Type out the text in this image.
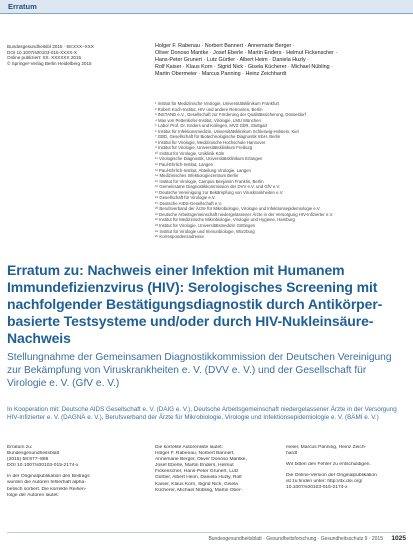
Erratum
Bundesgesundheitsbl 2015 · 58:XXX–XXX
DOI 10.1007/s00103-015-XXXX-X
Online publiziert: XX. XXXXXX 2015
© Springer-Verlag Berlin Heidelberg 2015
Holger F. Rabenau · Norbert Bannert · Annemarie Berger ·
Oliver Donoso Mantke · Josef Eberle · Martin Enders · Helmut Fickenscher ·
Hans-Peter Grunert · Lutz Gürtler · Albert Heim · Daniela Huzly ·
Rolf Kaiser · Klaus Korn · Sigrid Nick · Gisela Kücherer · Michael Nübling ·
Martin Obermeier · Marcus Panning · Heinz Zeichhardt
¹ Institut für Medizinische Virologie, Universitätsklinikum Frankfurt
² Robert Koch-Institut, HIV und andere Retroviren, Berlin
³ INSTAND e.V., Gesellschaft zur Förderung der Qualitätssicherung, Düsseldorf
⁴ Max von Pettenkofer-Institut, Virologie, LMU München
⁵ Labor Prof. Dr. Enders und Kollegen, MVZ GbR, Stuttgart
⁶ Institut für Infektionsmedizin, Universitätsklinikum Schleswig-Holstein, Kiel
⁷ GBD, Gesellschaft für Biotechnologische Diagnostik mbH, Berlin
⁸ Institut für Virologie, Medizinische Hochschule Hannover
⁹ Institut für Virologie, Universitätsklinikum Freiburg
¹⁰ Institut für Virologie, Uniklinik Köln
¹¹ Virologische Diagnostik, Universitätsklinikum Erlangen
¹² Paul-Ehrlich-Institut, Langen
¹³ Paul-Ehrlich-Institut, Abteilung Virologie, Langen
¹⁴ Medizinisches Infektiologiezentrum Berlin
¹⁵ Institut für Virologie, Campus Benjamin Franklin, Berlin
¹⁶ Gemeinsame Diagnostikkommission der DVV e.V. und GfV e.V.
¹⁷ Deutsche Vereinigung zur Bekämpfung von Viruskrankheiten e.V.
¹⁸ Gesellschaft für Virologie e.V.
¹⁹ Deutsche AIDS-Gesellschaft e.V.
²⁰ Berufsverband der Ärzte für Mikrobiologie, Virologie und Infektionsepidemiologie e.V.
²¹ Deutsche Arbeitsgemeinschaft niedergelassener Ärzte in der Versorgung HIV-Infizierter e.V.
²² Institut für Medizinische Mikrobiologie, Virologie und Hygiene, Hamburg
²³ Institut für Virologie, Universitätsmedizin Göttingen
²⁴ Institut für Virologie und Immunbiologie, Würzburg
²⁵ Korrespondenzadresse
Erratum zu: Nachweis einer Infektion mit Humanem Immundefizienzvirus (HIV): Serologisches Screening mit nachfolgender Bestätigungsdiagnostik durch Antikörper-basierte Testsysteme und/oder durch HIV-Nukleinsäure-Nachweis
Stellungnahme der Gemeinsamen Diagnostikkommission der Deutschen Vereinigung zur Bekämpfung von Viruskrankheiten e. V. (DVV e. V.) und der Gesellschaft für Virologie e. V. (GfV e. V.)
In Kooperation mit: Deutsche AIDS Gesellschaft e. V. (DAIG e. V.), Deutsche Arbeitsgemeinschaft niedergelassener Ärzte in der Versorgung HIV-Infizierter e. V. (DAGNÄ e. V.), Berufsverband der Ärzte für Mikrobiologie, Virologie und Infektionsepidemiologie e. V. (BÄMI e. V.)
Erratum zu:
Bundesgesundheitsblatt
(2015) 58:877–886
DOI 10.1007/s00103-015-2174-x
In der Originalpublikation des Beitrags
wurden die Autoren fehlerhaft alpha-
betisch sortiert. Die korrekte Reihen-
folge der Autoren lautet:
Die korrekte Autorenliste lautet:
Holger F. Rabenau, Norbert Bannert,
Annemarie Berger, Oliver Donoso Mantke,
Josef Eberle, Martin Enders, Helmut
Fickenscher, Hans-Peter Grunert, Lutz
Gürtler, Albert Heim, Daniela Huzly, Rolf
Kaiser, Klaus Korn, Sigrid Nick, Gisela
Kücherer, Michael Nübling, Martin Ober-
meier, Marcus Panning, Heinz Zeich-
hardt
Wir bitten den Fehler zu entschuldigen.
Die Online-Version der Originalpublikation
ist zu finden unter: http://dx.doi.org/
10.1007/s00103-015-2174-x
Bundesgesundheitsblatt · Gesundheitsforschung · Gesundheitsschutz 9 · 2015 1025
